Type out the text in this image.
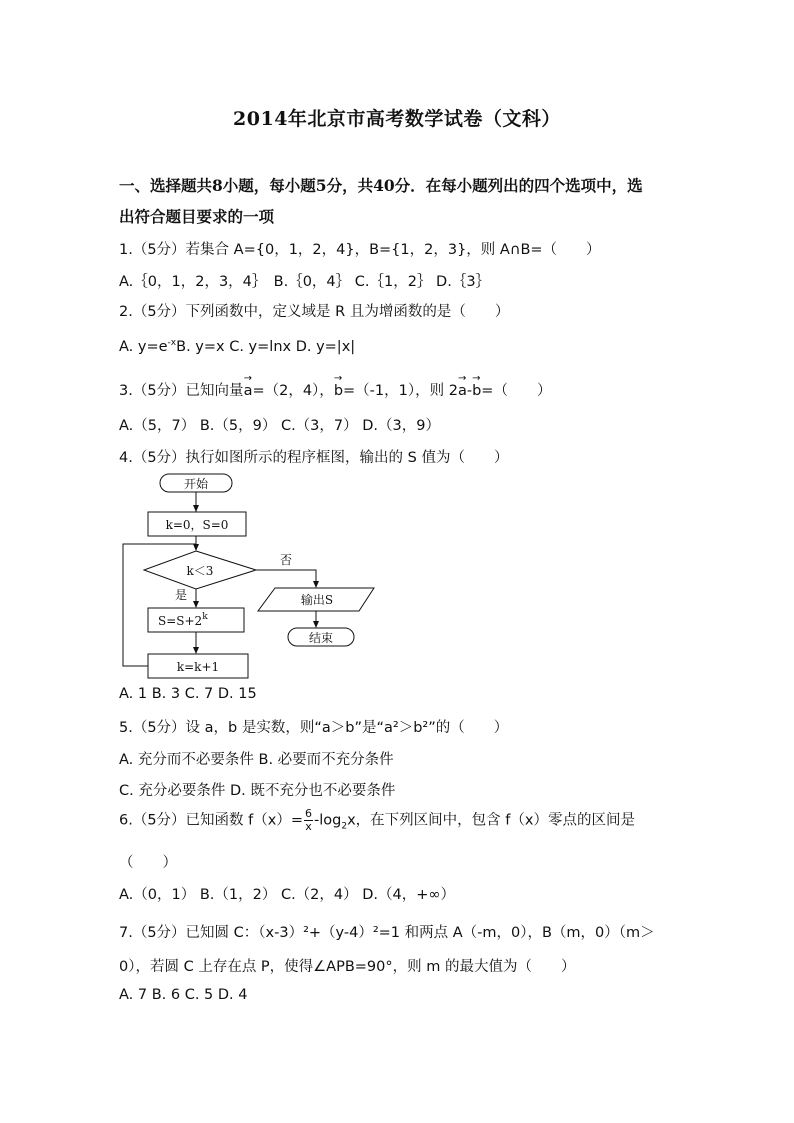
2014年北京市高考数学试卷（文科）
一、选择题共8小题，每小题5分，共40分．在每小题列出的四个选项中，选
出符合题目要求的一项
1.（5分）若集合 A={0，1，2，4}，B={1，2，3}，则 A∩B=（　　）
A.｛0，1，2，3，4｝　B.｛0，4｝ C.｛1，2｝ D.｛3｝
2.（5分）下列函数中，定义域是 R 且为增函数的是（　　）
A. $y=e^{-x}B$. y=x C. y=lnx D. y=|x|
3.（5分）已知向量→ a=（2，4），→ b=（-1，1），则 2→ a-→ b=（　　）
A.（5，7） B.（5，9） C.（3，7） D.（3，9）
4.（5分）执行如图所示的程序框图，输出的 S 值为（　　）
开始
k=0，S=0
k＜3
否
是
$S=S+2^k$
k=k+1
输出S
结束
A. 1 B. 3 C. 7 D. 15
5.（5分）设 a，b 是实数，则“a＞b”是“a²＞b²”的（　　）
A. 充分而不必要条件 B. 必要而不充分条件
C. 充分必要条件 D. 既不充分也不必要条件
6.（5分）已知函数 $f(x)= \frac{6}{x} -\log_2x$，在下列区间中，包含 f（x）零点的区间是
（　　）
A.（0，1） B.（1，2） C.（2，4） D.（4，+∞）
7.（5分）已知圆 C：（x-3）²+（y-4）²=1 和两点 A（-m，0），B（m，0）（m＞
0），若圆 C 上存在点 P，使得∠APB=90°，则 m 的最大值为（　　）
A. 7 B. 6 C. 5 D. 4
